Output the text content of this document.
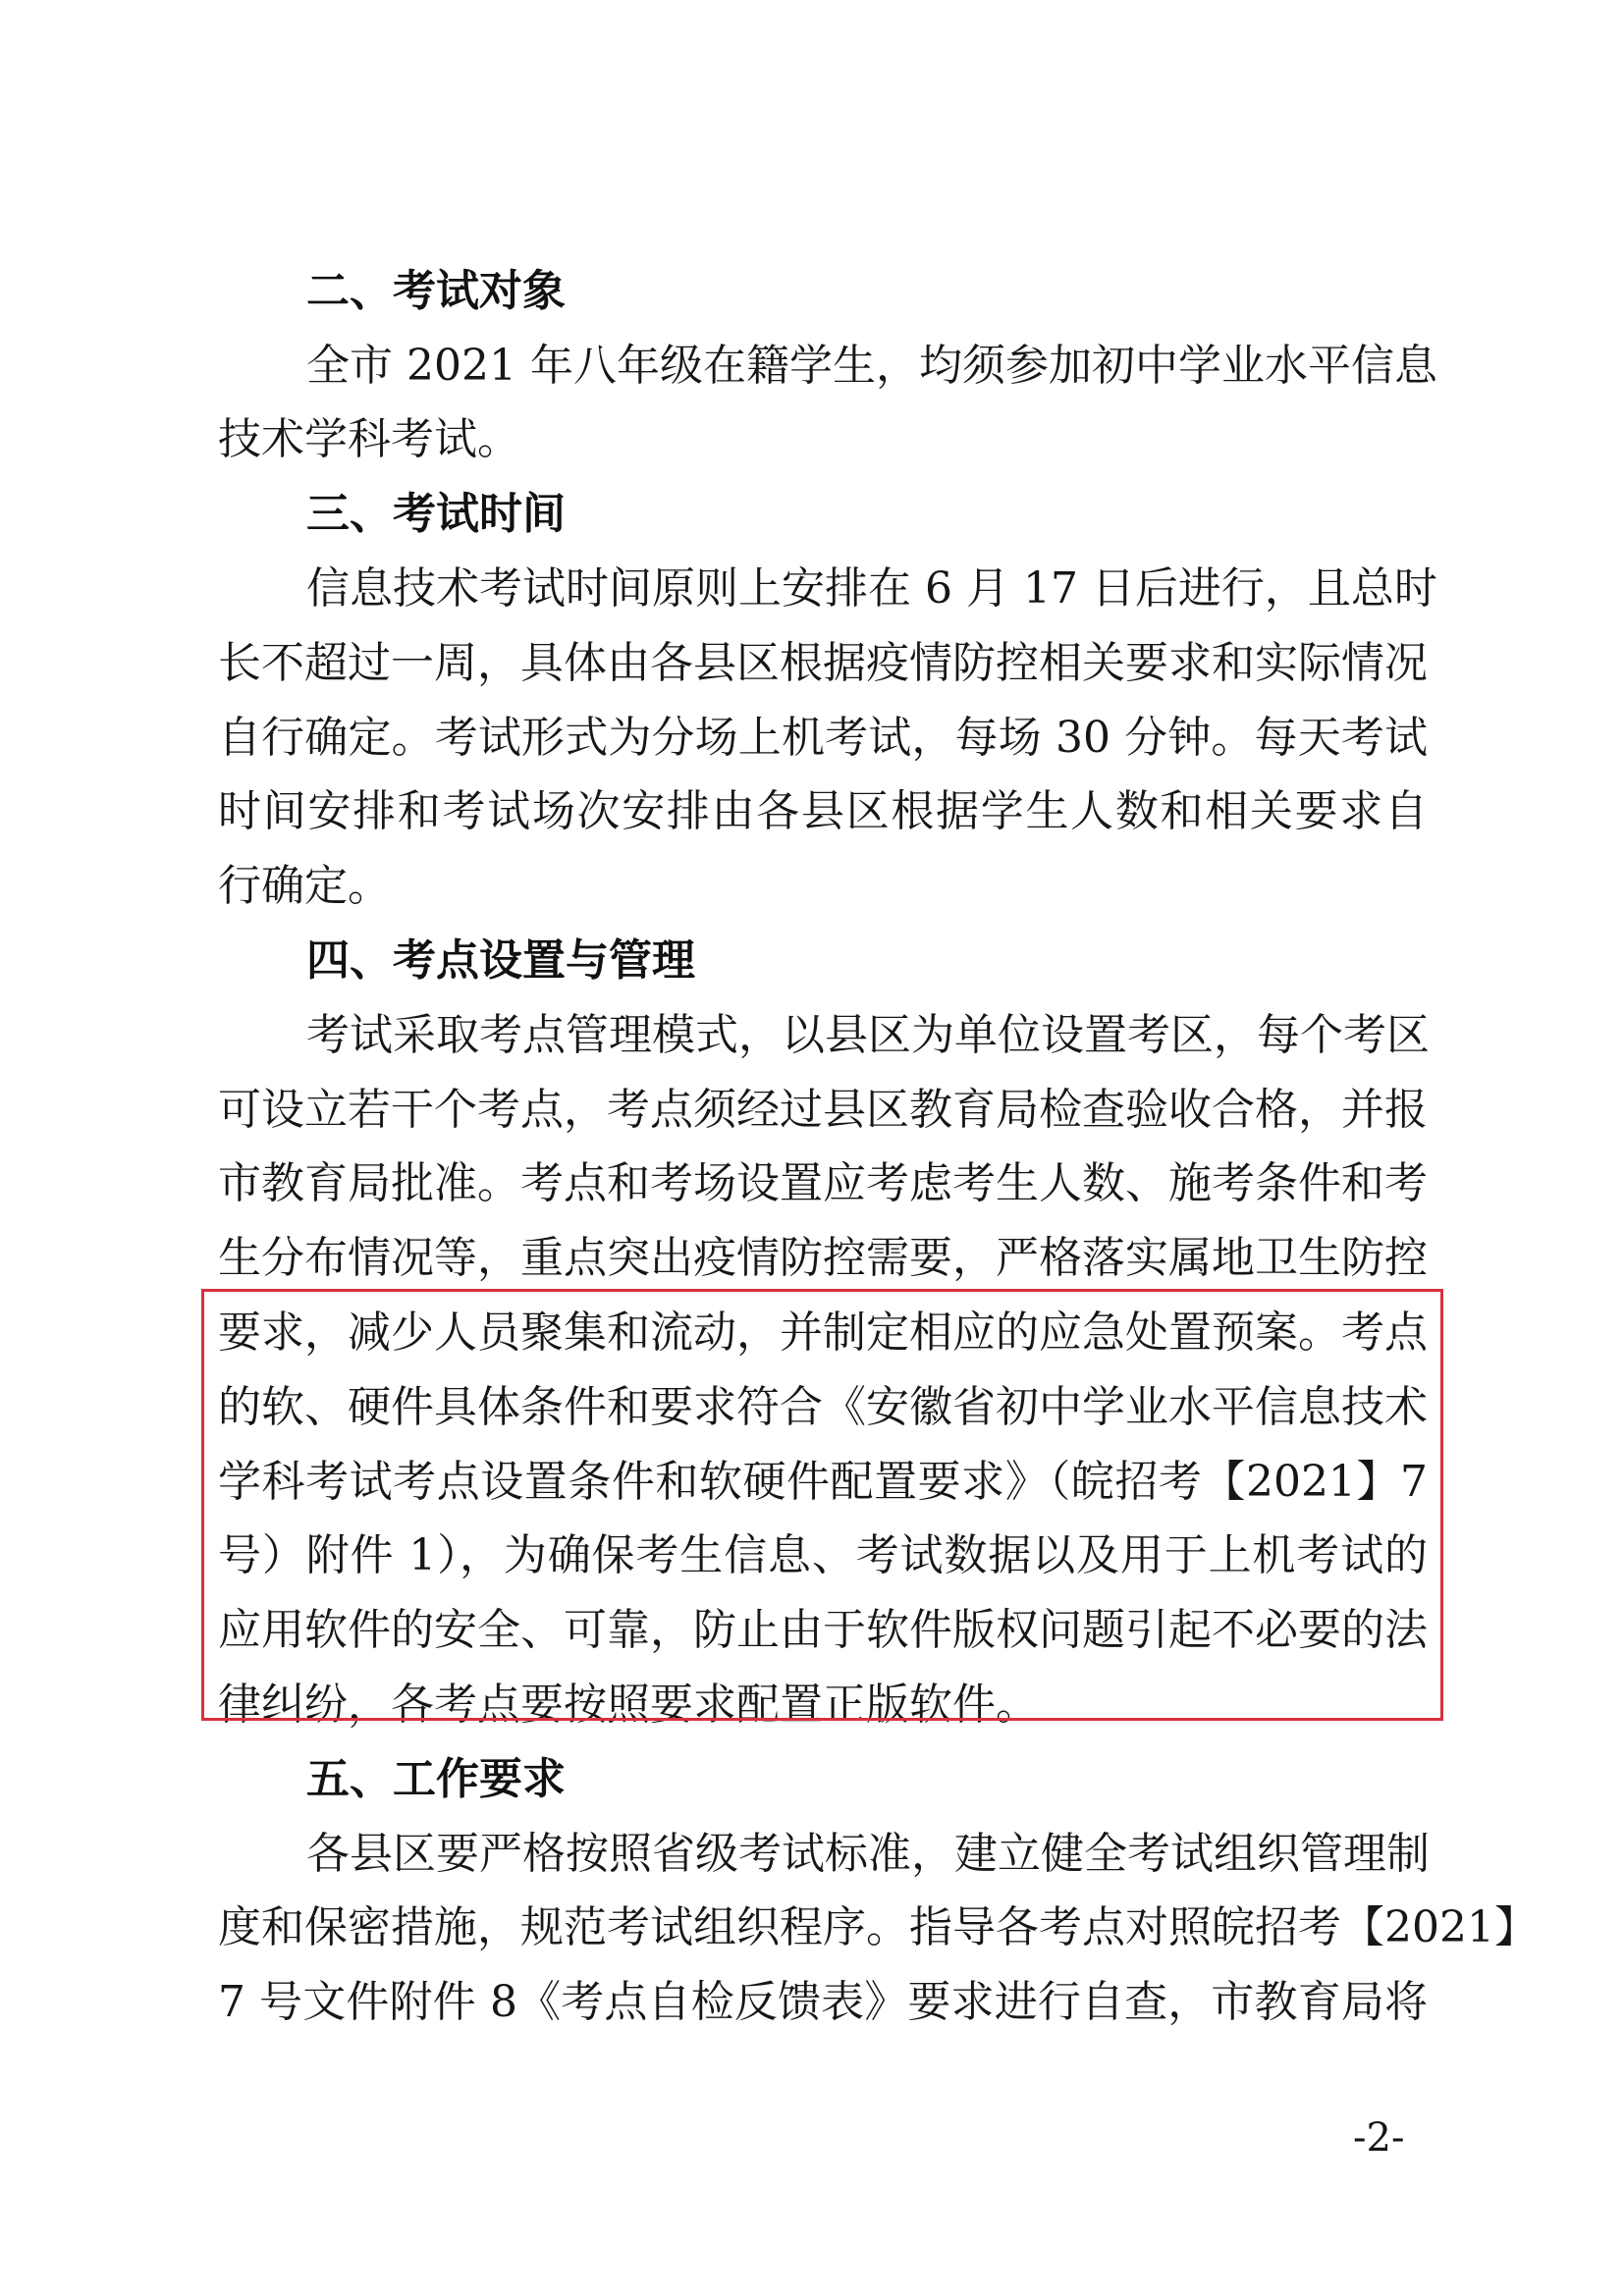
二、考试对象
全市 2021 年八年级在籍学生，均须参加初中学业水平信息
技术学科考试。
三、考试时间
信息技术考试时间原则上安排在 6 月 17 日后进行，且总时
长不超过一周，具体由各县区根据疫情防控相关要求和实际情况
自行确定。考试形式为分场上机考试，每场 30 分钟。每天考试
时间安排和考试场次安排由各县区根据学生人数和相关要求自
行确定。
四、考点设置与管理
考试采取考点管理模式，以县区为单位设置考区，每个考区
可设立若干个考点，考点须经过县区教育局检查验收合格，并报
市教育局批准。考点和考场设置应考虑考生人数、施考条件和考
生分布情况等，重点突出疫情防控需要，严格落实属地卫生防控
要求，减少人员聚集和流动，并制定相应的应急处置预案。考点
的软、硬件具体条件和要求符合《安徽省初中学业水平信息技术
学科考试考点设置条件和软硬件配置要求》（皖招考【2021】7
号）附件 1），为确保考生信息、考试数据以及用于上机考试的
应用软件的安全、可靠，防止由于软件版权问题引起不必要的法
律纠纷，各考点要按照要求配置正版软件。
五、工作要求
各县区要严格按照省级考试标准，建立健全考试组织管理制
度和保密措施，规范考试组织程序。指导各考点对照皖招考【2021】
7 号文件附件 8《考点自检反馈表》要求进行自查，市教育局将
-2-
